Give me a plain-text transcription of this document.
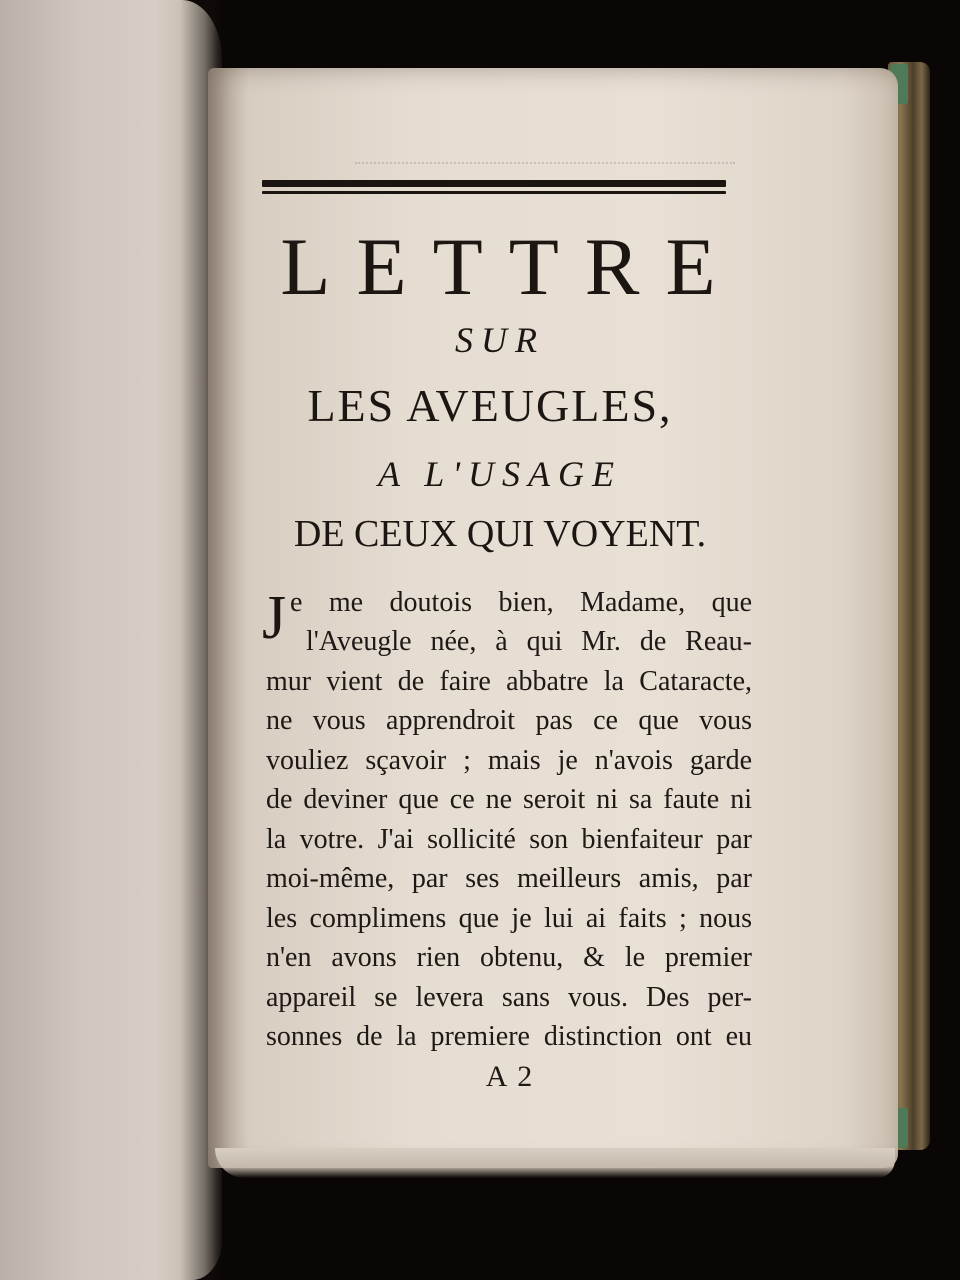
LETTRE
SUR
LES AVEUGLES,
A L'USAGE
DE CEUX QUI VOYENT.
J e me doutois bien, Madame, que
l'Aveugle née, à qui Mr. de Reau-
mur vient de faire abbatre la Cataracte,
ne vous apprendroit pas ce que vous
vouliez sçavoir ; mais je n'avois garde
de deviner que ce ne seroit ni sa faute ni
la votre. J'ai sollicité son bienfaiteur par
moi-même, par ses meilleurs amis, par
les complimens que je lui ai faits ; nous
n'en avons rien obtenu, & le premier
appareil se levera sans vous. Des per-
sonnes de la premiere distinction ont eu
A 2
